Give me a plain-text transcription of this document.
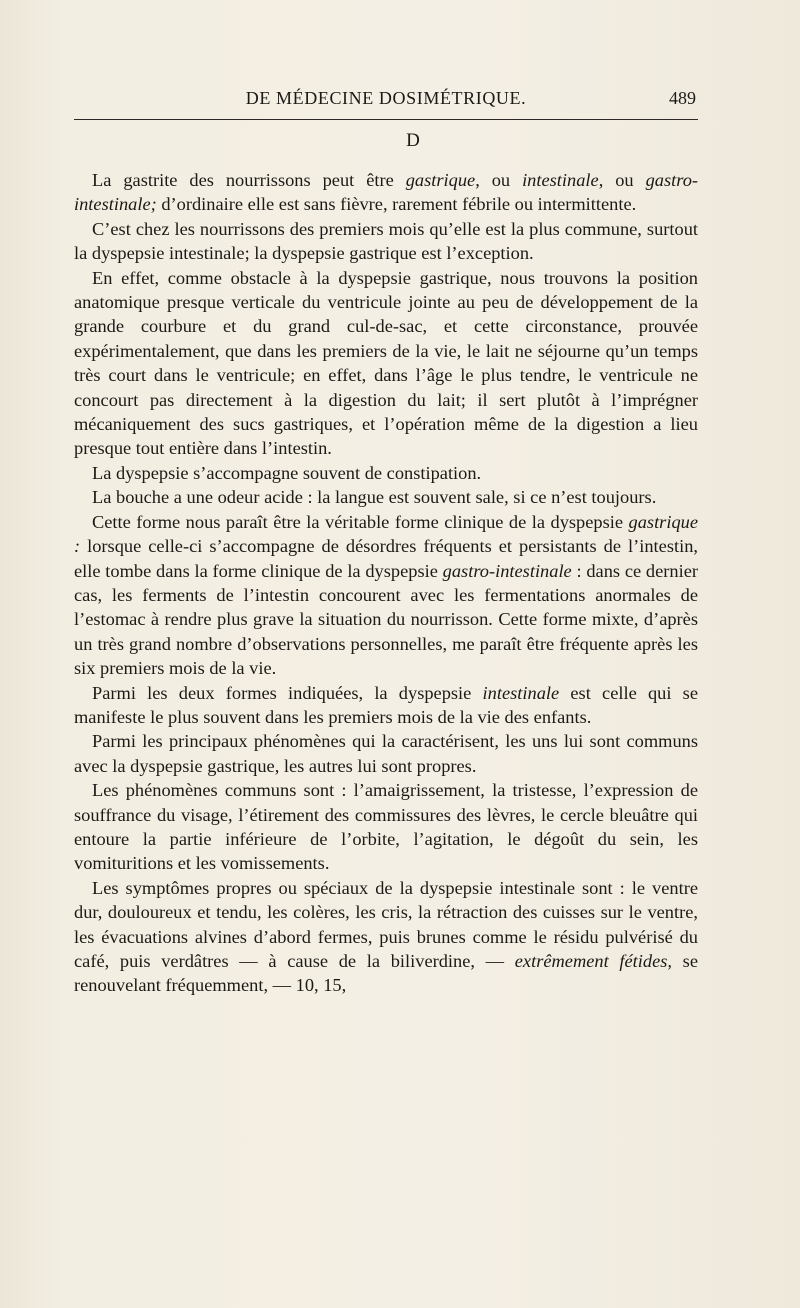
DE MÉDECINE DOSIMÉTRIQUE.	489
D

La gastrite des nourrissons peut être gastrique, ou intestinale, ou gastro-intestinale; d’ordinaire elle est sans fièvre, rarement fébrile ou intermittente.

C’est chez les nourrissons des premiers mois qu’elle est la plus commune, surtout la dyspepsie intestinale; la dyspepsie gastrique est l’exception.

En effet, comme obstacle à la dyspepsie gastrique, nous trouvons la position anatomique presque verticale du ventricule jointe au peu de développement de la grande courbure et du grand cul-de-sac, et cette circonstance, prouvée expérimentalement, que dans les premiers de la vie, le lait ne séjourne qu’un temps très court dans le ventricule; en effet, dans l’âge le plus tendre, le ventricule ne concourt pas directement à la digestion du lait; il sert plutôt à l’imprégner mécaniquement des sucs gastriques, et l’opération même de la digestion a lieu presque tout entière dans l’intestin.

La dyspepsie s’accompagne souvent de constipation.

La bouche a une odeur acide : la langue est souvent sale, si ce n’est toujours.

Cette forme nous paraît être la véritable forme clinique de la dyspepsie gastrique : lorsque celle-ci s’accompagne de désordres fréquents et persistants de l’intestin, elle tombe dans la forme clinique de la dyspepsie gastro-intestinale : dans ce dernier cas, les ferments de l’intestin concourent avec les fermentations anormales de l’estomac à rendre plus grave la situation du nourrisson. Cette forme mixte, d’après un très grand nombre d’observations personnelles, me paraît être fréquente après les six premiers mois de la vie.

Parmi les deux formes indiquées, la dyspepsie intestinale est celle qui se manifeste le plus souvent dans les premiers mois de la vie des enfants.

Parmi les principaux phénomènes qui la caractérisent, les uns lui sont communs avec la dyspepsie gastrique, les autres lui sont propres.

Les phénomènes communs sont : l’amaigrissement, la tristesse, l’expression de souffrance du visage, l’étirement des commissures des lèvres, le cercle bleuâtre qui entoure la partie inférieure de l’orbite, l’agitation, le dégoût du sein, les vomituritions et les vomissements.

Les symptômes propres ou spéciaux de la dyspepsie intestinale sont : le ventre dur, douloureux et tendu, les colères, les cris, la rétraction des cuisses sur le ventre, les évacuations alvines d’abord fermes, puis brunes comme le résidu pulvérisé du café, puis verdâtres — à cause de la biliverdine, — extrêmement fétides, se renouvelant fréquemment, — 10, 15,
